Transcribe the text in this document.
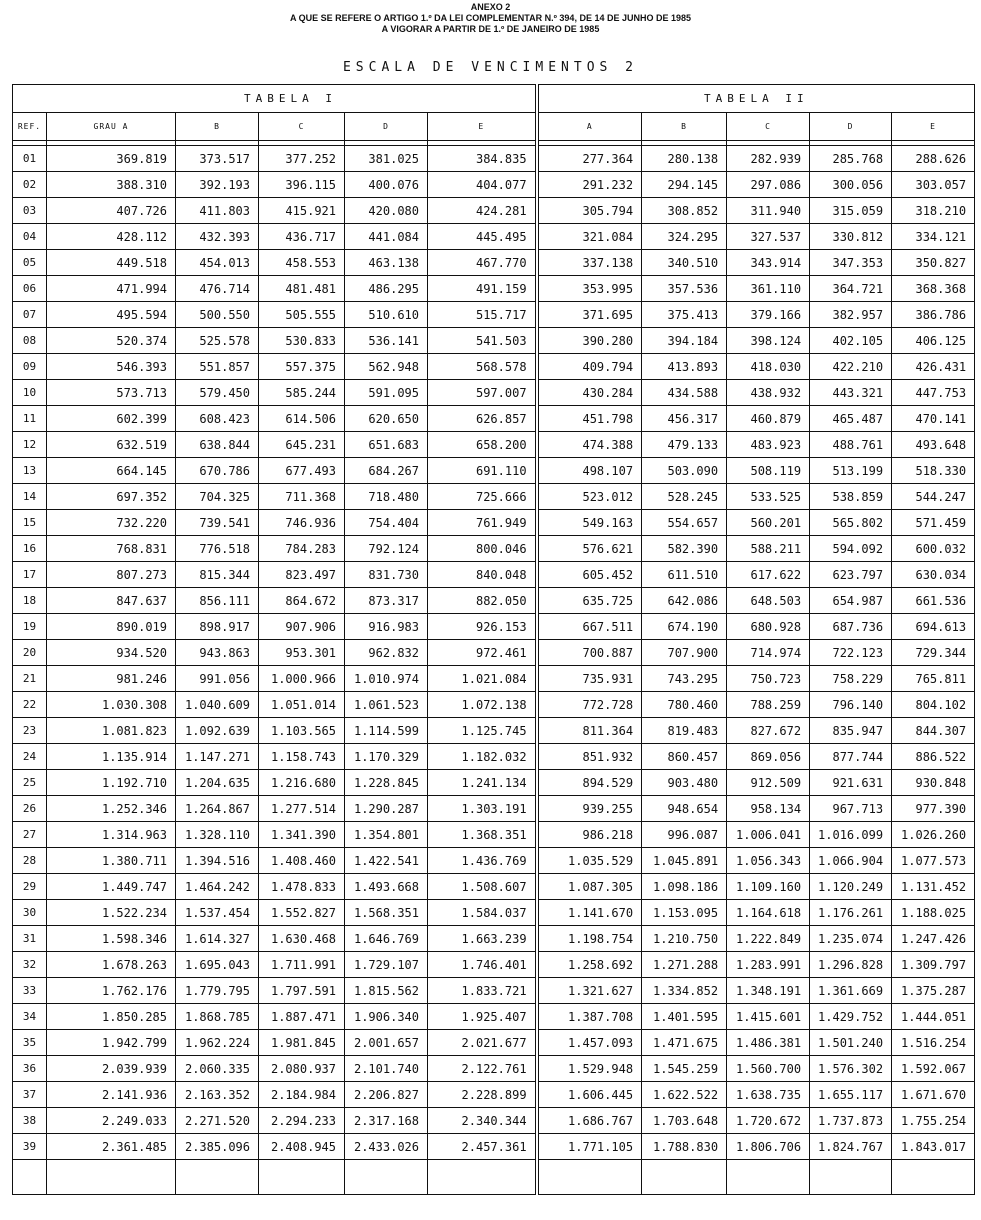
ANEXO 2
A QUE SE REFERE O ARTIGO 1.º DA LEI COMPLEMENTAR N.º 394, DE 14 DE JUNHO DE 1985
A VIGORAR A PARTIR DE 1.º DE JANEIRO DE 1985
ESCALA DE VENCIMENTOS 2
	TABELA I					TABELA II				
REF.	GRAU A	B	C	D	E	A	B	C	D	E

01	369.819	373.517	377.252	381.025	384.835	277.364	280.138	282.939	285.768	288.626
02	388.310	392.193	396.115	400.076	404.077	291.232	294.145	297.086	300.056	303.057
03	407.726	411.803	415.921	420.080	424.281	305.794	308.852	311.940	315.059	318.210
04	428.112	432.393	436.717	441.084	445.495	321.084	324.295	327.537	330.812	334.121
05	449.518	454.013	458.553	463.138	467.770	337.138	340.510	343.914	347.353	350.827
06	471.994	476.714	481.481	486.295	491.159	353.995	357.536	361.110	364.721	368.368
07	495.594	500.550	505.555	510.610	515.717	371.695	375.413	379.166	382.957	386.786
08	520.374	525.578	530.833	536.141	541.503	390.280	394.184	398.124	402.105	406.125
09	546.393	551.857	557.375	562.948	568.578	409.794	413.893	418.030	422.210	426.431
10	573.713	579.450	585.244	591.095	597.007	430.284	434.588	438.932	443.321	447.753
11	602.399	608.423	614.506	620.650	626.857	451.798	456.317	460.879	465.487	470.141
12	632.519	638.844	645.231	651.683	658.200	474.388	479.133	483.923	488.761	493.648
13	664.145	670.786	677.493	684.267	691.110	498.107	503.090	508.119	513.199	518.330
14	697.352	704.325	711.368	718.480	725.666	523.012	528.245	533.525	538.859	544.247
15	732.220	739.541	746.936	754.404	761.949	549.163	554.657	560.201	565.802	571.459
16	768.831	776.518	784.283	792.124	800.046	576.621	582.390	588.211	594.092	600.032
17	807.273	815.344	823.497	831.730	840.048	605.452	611.510	617.622	623.797	630.034
18	847.637	856.111	864.672	873.317	882.050	635.725	642.086	648.503	654.987	661.536
19	890.019	898.917	907.906	916.983	926.153	667.511	674.190	680.928	687.736	694.613
20	934.520	943.863	953.301	962.832	972.461	700.887	707.900	714.974	722.123	729.344
21	981.246	991.056	1.000.966	1.010.974	1.021.084	735.931	743.295	750.723	758.229	765.811
22	1.030.308	1.040.609	1.051.014	1.061.523	1.072.138	772.728	780.460	788.259	796.140	804.102
23	1.081.823	1.092.639	1.103.565	1.114.599	1.125.745	811.364	819.483	827.672	835.947	844.307
24	1.135.914	1.147.271	1.158.743	1.170.329	1.182.032	851.932	860.457	869.056	877.744	886.522
25	1.192.710	1.204.635	1.216.680	1.228.845	1.241.134	894.529	903.480	912.509	921.631	930.848
26	1.252.346	1.264.867	1.277.514	1.290.287	1.303.191	939.255	948.654	958.134	967.713	977.390
27	1.314.963	1.328.110	1.341.390	1.354.801	1.368.351	986.218	996.087	1.006.041	1.016.099	1.026.260
28	1.380.711	1.394.516	1.408.460	1.422.541	1.436.769	1.035.529	1.045.891	1.056.343	1.066.904	1.077.573
29	1.449.747	1.464.242	1.478.833	1.493.668	1.508.607	1.087.305	1.098.186	1.109.160	1.120.249	1.131.452
30	1.522.234	1.537.454	1.552.827	1.568.351	1.584.037	1.141.670	1.153.095	1.164.618	1.176.261	1.188.025
31	1.598.346	1.614.327	1.630.468	1.646.769	1.663.239	1.198.754	1.210.750	1.222.849	1.235.074	1.247.426
32	1.678.263	1.695.043	1.711.991	1.729.107	1.746.401	1.258.692	1.271.288	1.283.991	1.296.828	1.309.797
33	1.762.176	1.779.795	1.797.591	1.815.562	1.833.721	1.321.627	1.334.852	1.348.191	1.361.669	1.375.287
34	1.850.285	1.868.785	1.887.471	1.906.340	1.925.407	1.387.708	1.401.595	1.415.601	1.429.752	1.444.051
35	1.942.799	1.962.224	1.981.845	2.001.657	2.021.677	1.457.093	1.471.675	1.486.381	1.501.240	1.516.254
36	2.039.939	2.060.335	2.080.937	2.101.740	2.122.761	1.529.948	1.545.259	1.560.700	1.576.302	1.592.067
37	2.141.936	2.163.352	2.184.984	2.206.827	2.228.899	1.606.445	1.622.522	1.638.735	1.655.117	1.671.670
38	2.249.033	2.271.520	2.294.233	2.317.168	2.340.344	1.686.767	1.703.648	1.720.672	1.737.873	1.755.254
39	2.361.485	2.385.096	2.408.945	2.433.026	2.457.361	1.771.105	1.788.830	1.806.706	1.824.767	1.843.017
